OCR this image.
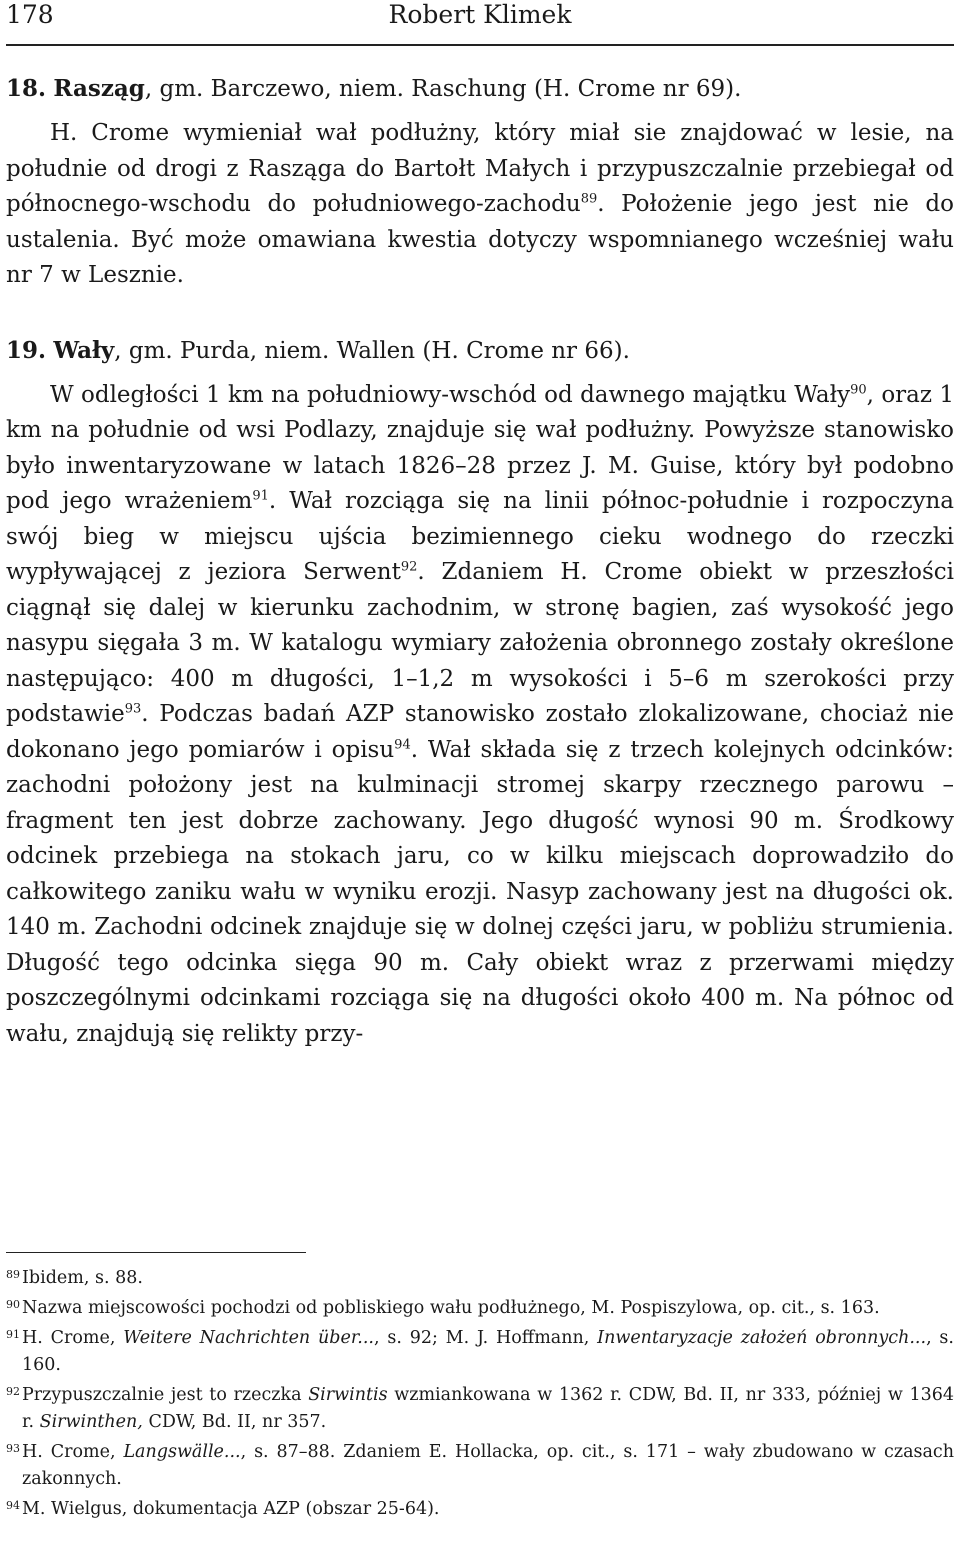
178	Robert Klimek
18. Rasząg, gm. Barczewo, niem. Raschung (H. Crome nr 69).

H. Crome wymieniał wał podłużny, który miał sie znajdować w lesie, na południe od drogi z Rasząga do Bartołt Małych i przypuszczalnie przebiegał od północnego-wschodu do południowego-zachodu$^{89}$. Położenie jego jest nie do ustalenia. Być może omawiana kwestia dotyczy wspomnianego wcześniej wału nr 7 w Lesznie.

19. Wały, gm. Purda, niem. Wallen (H. Crome nr 66).

W odległości 1 km na południowy-wschód od dawnego majątku Wały$^{90}$, oraz 1 km na południe od wsi Podlazy, znajduje się wał podłużny. Powyższe stanowisko było inwentaryzowane w latach 1826–28 przez J. M. Guise, który był podobno pod jego wrażeniem$^{91}$. Wał rozciąga się na linii północ-południe i rozpoczyna swój bieg w miejscu ujścia bezimiennego cieku wodnego do rzeczki wypływającej z jeziora Serwent$^{92}$. Zdaniem H. Crome obiekt w przeszłości ciągnął się dalej w kierunku zachodnim, w stronę bagien, zaś wysokość jego nasypu sięgała 3 m. W katalogu wymiary założenia obronnego zostały określone następująco: 400 m długości, 1–1,2 m wysokości i 5–6 m szerokości przy podstawie$^{93}$. Podczas badań AZP stanowisko zostało zlokalizowane, chociaż nie dokonano jego pomiarów i opisu$^{94}$. Wał składa się z trzech kolejnych odcinków: zachodni położony jest na kulminacji stromej skarpy rzecznego parowu – fragment ten jest dobrze zachowany. Jego długość wynosi 90 m. Środkowy odcinek przebiega na stokach jaru, co w kilku miejscach doprowadziło do całkowitego zaniku wału w wyniku erozji. Nasyp zachowany jest na długości ok. 140 m. Zachodni odcinek znajduje się w dolnej części jaru, w pobliżu strumienia. Długość tego odcinka sięga 90 m. Cały obiekt wraz z przerwami między poszczególnymi odcinkami rozciąga się na długości około 400 m. Na północ od wału, znajdują się relikty przy-

89 Ibidem, s. 88.
90 Nazwa miejscowości pochodzi od pobliskiego wału podłużnego, M. Pospiszylowa, op. cit., s. 163.
91 H. Crome, Weitere Nachrichten über..., s. 92; M. J. Hoffmann, Inwentaryzacje założeń obronnych..., s. 160.
92 Przypuszczalnie jest to rzeczka Sirwintis wzmiankowana w 1362 r. CDW, Bd. II, nr 333, później w 1364 r. Sirwinthen, CDW, Bd. II, nr 357.
93 H. Crome, Langswälle..., s. 87–88. Zdaniem E. Hollacka, op. cit., s. 171 – wały zbudowano w czasach zakonnych.
94 M. Wielgus, dokumentacja AZP (obszar 25-64).
